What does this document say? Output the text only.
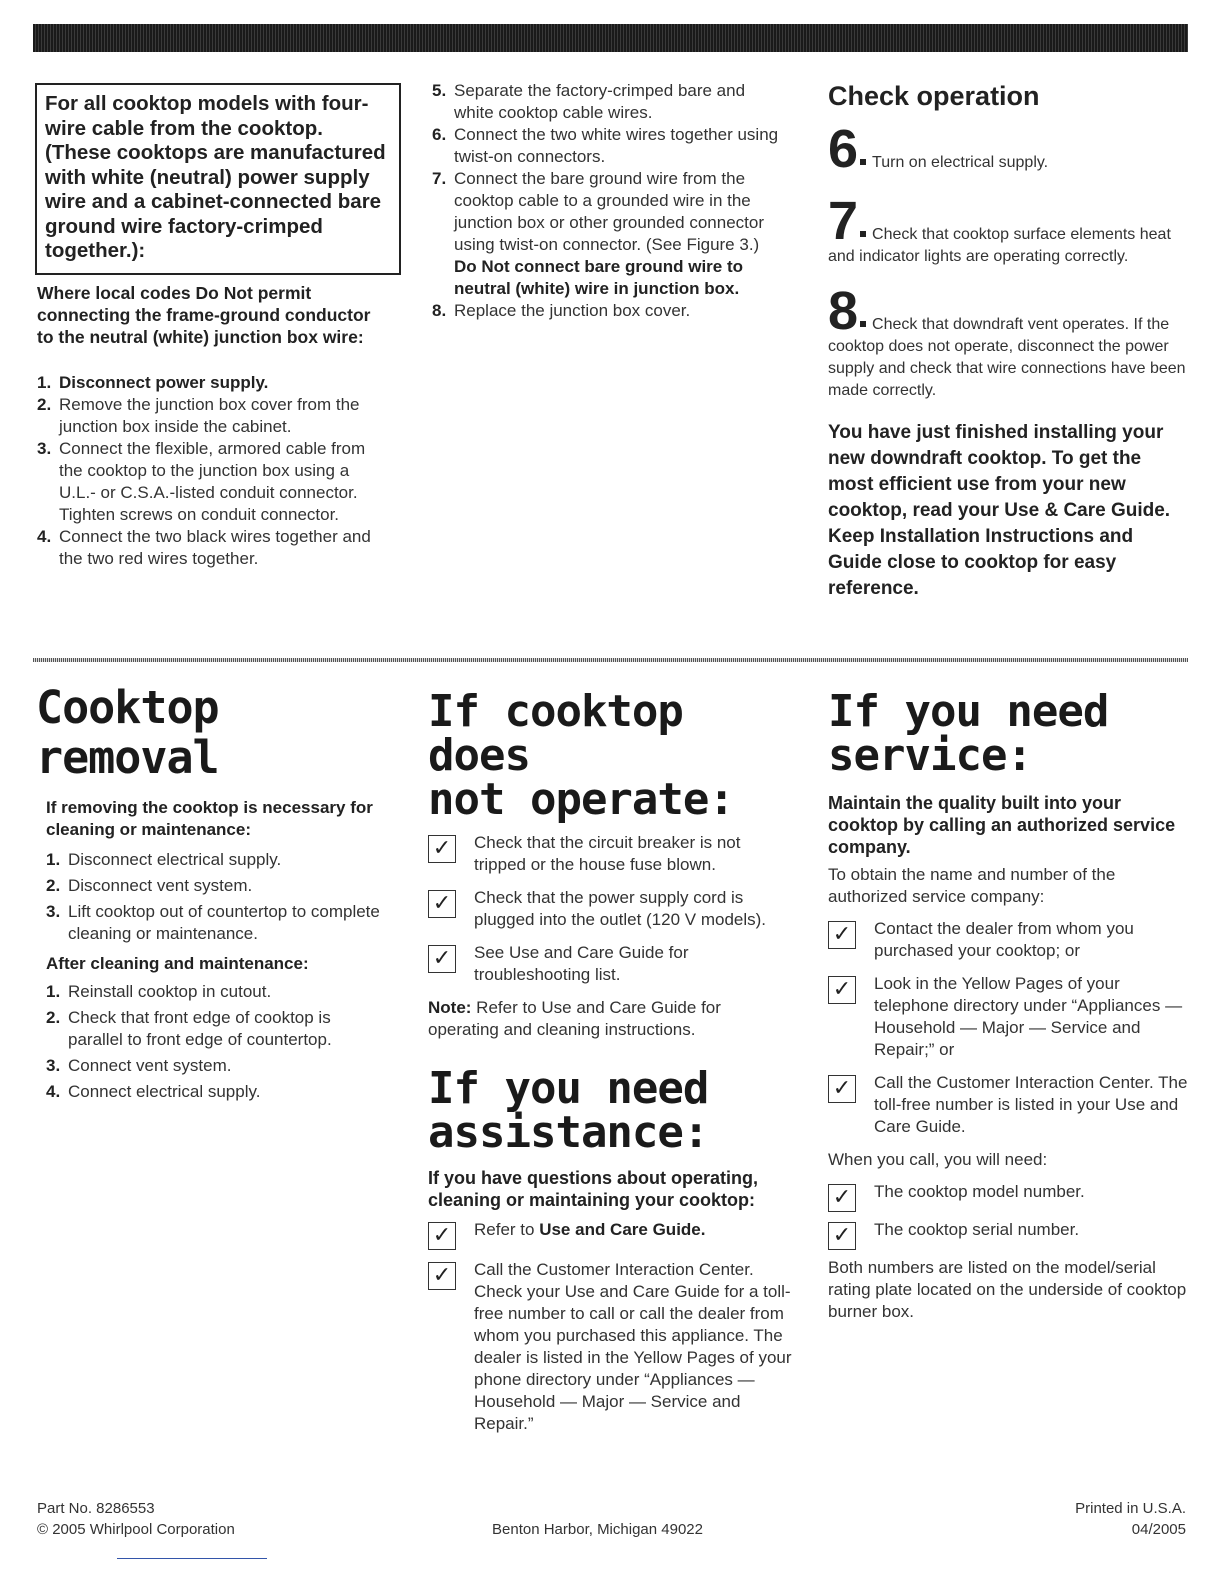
For all cooktop models with four-wire cable from the cooktop. (These cooktops are manufactured with white (neutral) power supply wire and a cabinet-connected bare ground wire factory-crimped together.):
Where local codes Do Not permit connecting the frame-ground conductor to the neutral (white) junction box wire:
1. Disconnect power supply.
2. Remove the junction box cover from the junction box inside the cabinet.
3. Connect the flexible, armored cable from the cooktop to the junction box using a U.L.- or C.S.A.-listed conduit connector. Tighten screws on conduit connector.
4. Connect the two black wires together and the two red wires together.
5. Separate the factory-crimped bare and white cooktop cable wires.
6. Connect the two white wires together using twist-on connectors.
7. Connect the bare ground wire from the cooktop cable to a grounded wire in the junction box or other grounded connector using twist-on connector. (See Figure 3.)
Do Not connect bare ground wire to neutral (white) wire in junction box.
8. Replace the junction box cover.
Check operation
6 Turn on electrical supply.
7 Check that cooktop surface elements heat and indicator lights are operating correctly.
8 Check that downdraft vent operates. If the cooktop does not operate, disconnect the power supply and check that wire connections have been made correctly.
You have just finished installing your new downdraft cooktop. To get the most efficient use from your new cooktop, read your Use & Care Guide. Keep Installation Instructions and Guide close to cooktop for easy reference.
Cooktop removal
If removing the cooktop is necessary for cleaning or maintenance:
1. Disconnect electrical supply.
2. Disconnect vent system.
3. Lift cooktop out of countertop to complete cleaning or maintenance.
After cleaning and maintenance:
1. Reinstall cooktop in cutout.
2. Check that front edge of cooktop is parallel to front edge of countertop.
3. Connect vent system.
4. Connect electrical supply.
If cooktop does
not operate:
✓ Check that the circuit breaker is not tripped or the house fuse blown.
✓ Check that the power supply cord is plugged into the outlet (120 V models).
✓ See Use and Care Guide for troubleshooting list.
Note: Refer to Use and Care Guide for operating and cleaning instructions.
If you need
assistance:
If you have questions about operating, cleaning or maintaining your cooktop:
✓ Refer to Use and Care Guide.
✓ Call the Customer Interaction Center. Check your Use and Care Guide for a toll-free number to call or call the dealer from whom you purchased this appliance. The dealer is listed in the Yellow Pages of your phone directory under “Appliances — Household — Major — Service and Repair.”
If you need
service:
Maintain the quality built into your cooktop by calling an authorized service company.
To obtain the name and number of the authorized service company:
✓ Contact the dealer from whom you purchased your cooktop; or
✓ Look in the Yellow Pages of your telephone directory under “Appliances — Household — Major — Service and Repair;” or
✓ Call the Customer Interaction Center. The toll-free number is listed in your Use and Care Guide.
When you call, you will need:
✓ The cooktop model number.
✓ The cooktop serial number.
Both numbers are listed on the model/serial rating plate located on the underside of cooktop burner box.
Part No. 8286553
© 2005 Whirlpool Corporation	Benton Harbor, Michigan 49022
Printed in U.S.A.
04/2005
